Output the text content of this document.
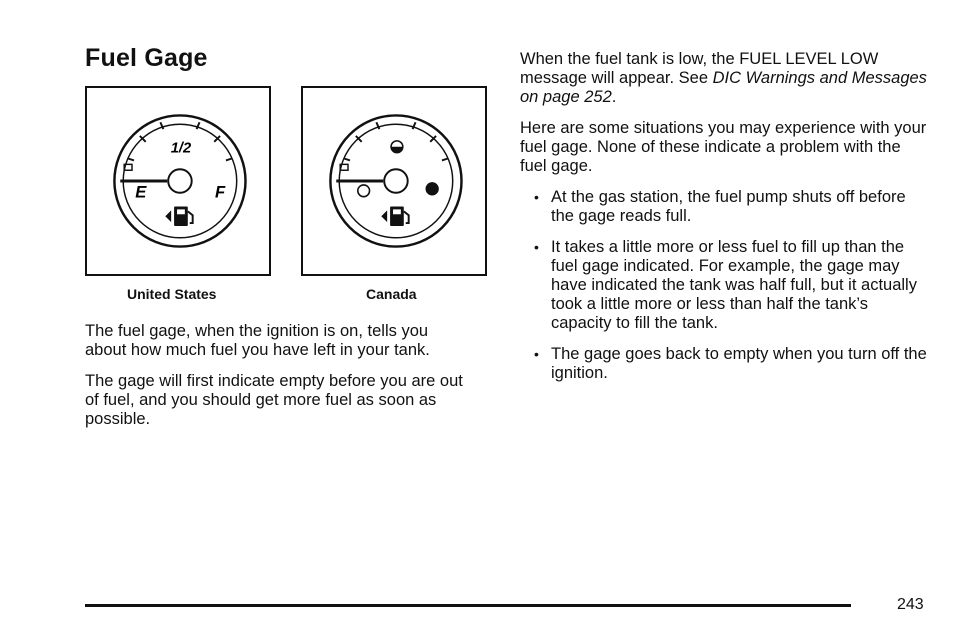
Fuel Gage
1/2
E	F
United States	Canada

The fuel gage, when the ignition is on, tells you about how much fuel you have left in your tank.

The gage will first indicate empty before you are out of fuel, and you should get more fuel as soon as possible.

When the fuel tank is low, the FUEL LEVEL LOW message will appear. See DIC Warnings and Messages on page 252.

Here are some situations you may experience with your fuel gage. None of these indicate a problem with the fuel gage.

• At the gas station, the fuel pump shuts off before the gage reads full.
• It takes a little more or less fuel to fill up than the fuel gage indicated. For example, the gage may have indicated the tank was half full, but it actually took a little more or less than half the tank’s capacity to fill the tank.
• The gage goes back to empty when you turn off the ignition.
243
